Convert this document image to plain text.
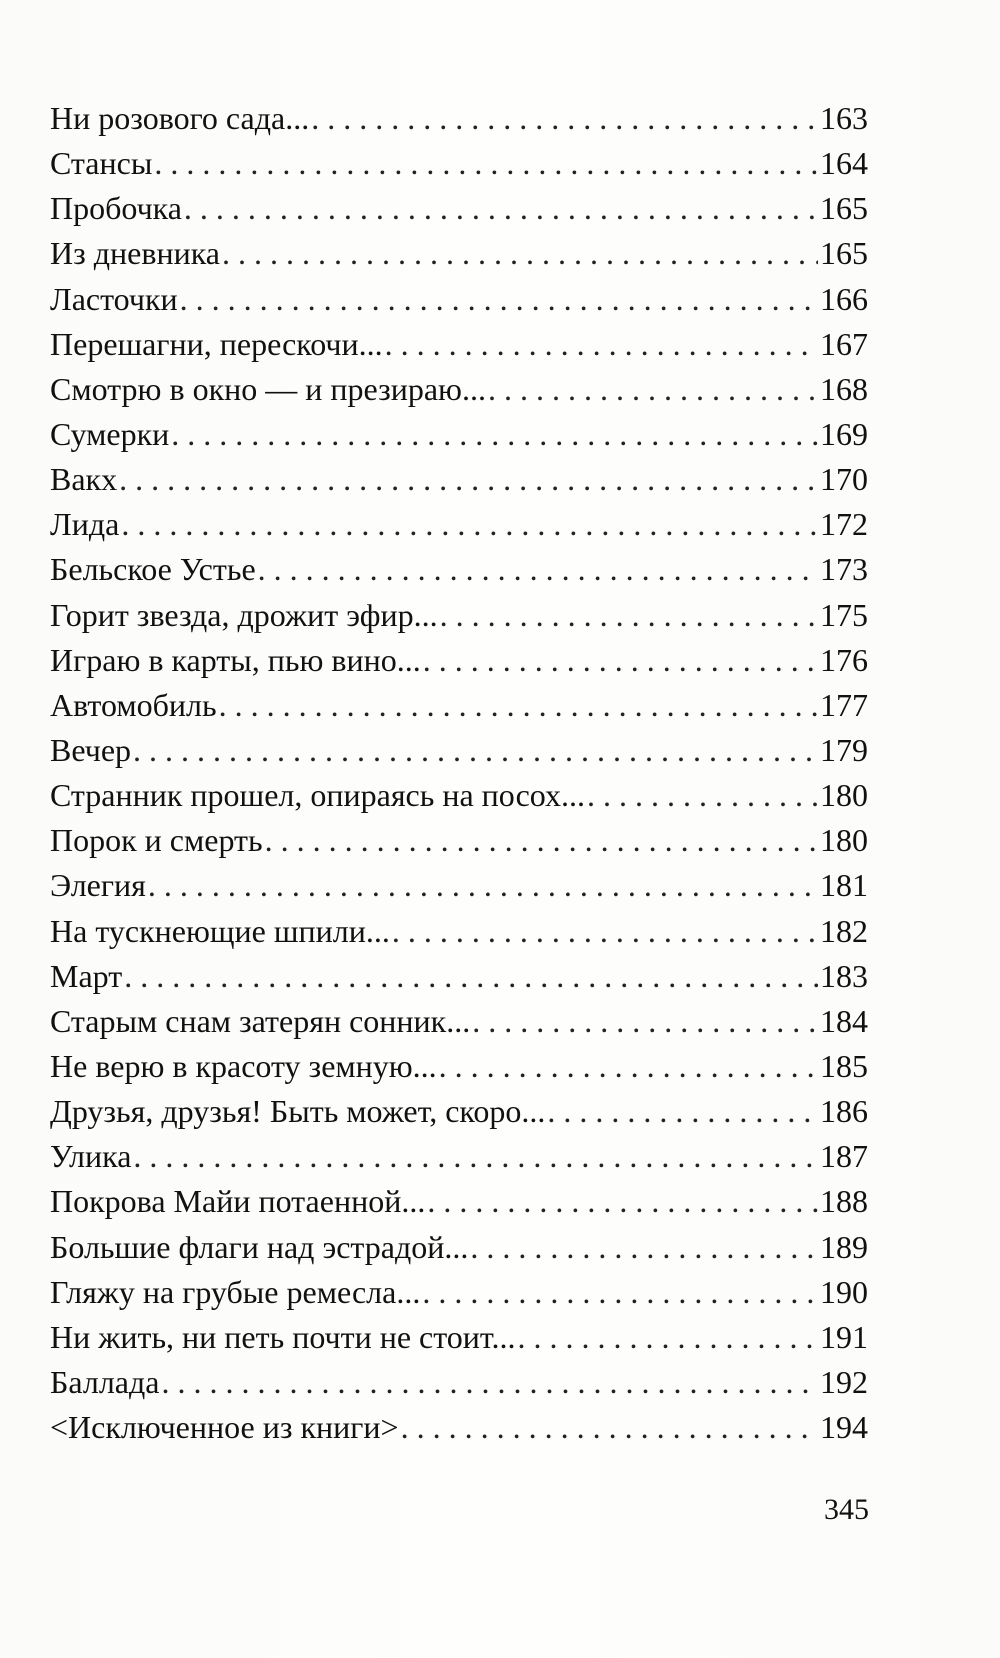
Ни розового сада... . . .	163
Стансы . . .	164
Пробочка . . .	165
Из дневника . . .	165
Ласточки . . .	166
Перешагни, перескочи... . . .	167
Смотрю в окно — и презираю... . . .	168
Сумерки . . .	169
Вакх . . .	170
Лида . . .	172
Бельское Устье . . .	173
Горит звезда, дрожит эфир... . . .	175
Играю в карты, пью вино... . . .	176
Автомобиль . . .	177
Вечер . . .	179
Странник прошел, опираясь на посох... . . .	180
Порок и смерть . . .	180
Элегия . . .	181
На тускнеющие шпили... . . .	182
Март . . .	183
Старым снам затерян сонник... . . .	184
Не верю в красоту земную... . . .	185
Друзья, друзья! Быть может, скоро... . . .	186
Улика . . .	187
Покрова Майи потаенной... . . .	188
Большие флаги над эстрадой... . . .	189
Гляжу на грубые ремесла... . . .	190
Ни жить, ни петь почти не стоит... . . .	191
Баллада . . .	192
<Исключенное из книги> . . .	194
345
